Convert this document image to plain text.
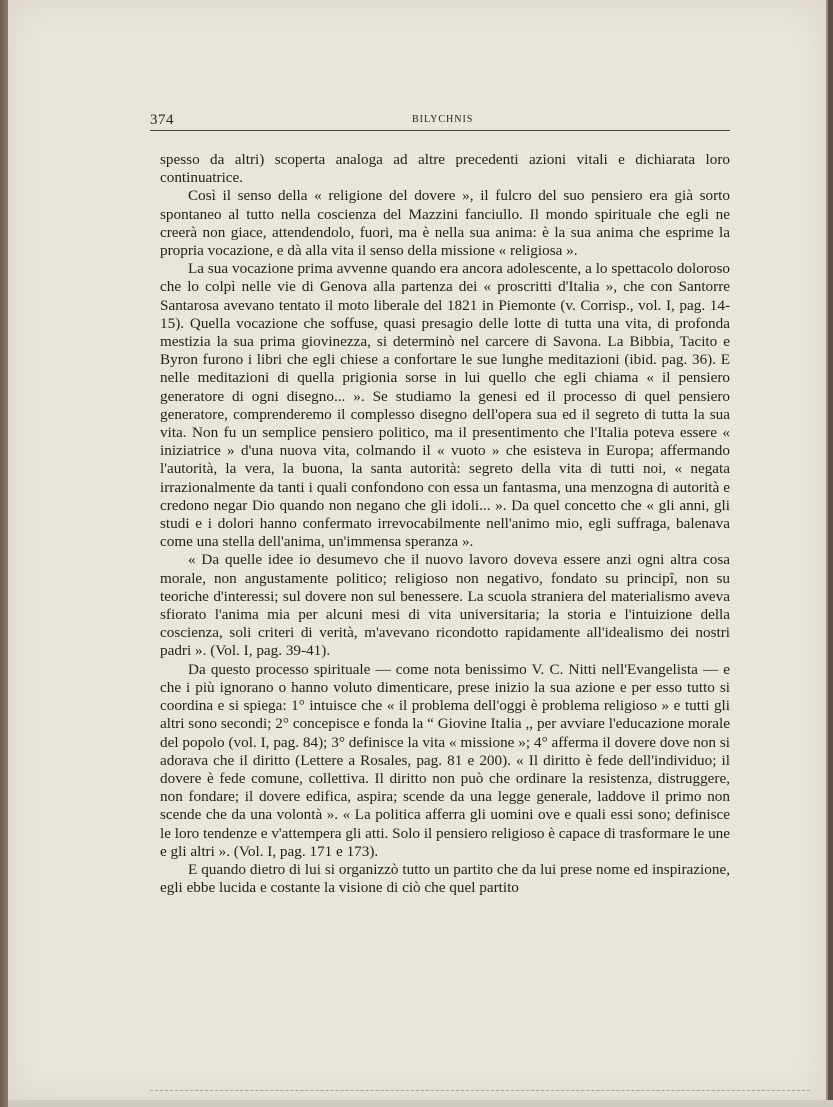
374	BILYCHNIS

spesso da altri) scoperta analoga ad altre precedenti azioni vitali e dichiarata loro continuatrice.

Così il senso della « religione del dovere », il fulcro del suo pensiero era già sorto spontaneo al tutto nella coscienza del Mazzini fanciullo. Il mondo spirituale che egli ne creerà non giace, attendendolo, fuori, ma è nella sua anima: è la sua anima che esprime la propria vocazione, e dà alla vita il senso della missione « religiosa ».

La sua vocazione prima avvenne quando era ancora adolescente, a lo spettacolo doloroso che lo colpì nelle vie di Genova alla partenza dei « proscritti d'Italia », che con Santorre Santarosa avevano tentato il moto liberale del 1821 in Piemonte (v. Corrisp., vol. I, pag. 14-15). Quella vocazione che soffuse, quasi presagio delle lotte di tutta una vita, di profonda mestizia la sua prima giovinezza, si determinò nel carcere di Savona. La Bibbia, Tacito e Byron furono i libri che egli chiese a confortare le sue lunghe meditazioni (ibid. pag. 36). E nelle meditazioni di quella prigionia sorse in lui quello che egli chiama « il pensiero generatore di ogni disegno... ». Se studiamo la genesi ed il processo di quel pensiero generatore, comprenderemo il complesso disegno dell'opera sua ed il segreto di tutta la sua vita. Non fu un semplice pensiero politico, ma il presentimento che l'Italia poteva essere « iniziatrice » d'una nuova vita, colmando il « vuoto » che esisteva in Europa; affermando l'autorità, la vera, la buona, la santa autorità: segreto della vita di tutti noi, « negata irrazionalmente da tanti i quali confondono con essa un fantasma, una menzogna di autorità e credono negar Dio quando non negano che gli idoli... ». Da quel concetto che « gli anni, gli studi e i dolori hanno confermato irrevocabilmente nell'animo mio, egli suffraga, balenava come una stella dell'anima, un'immensa speranza ».

« Da quelle idee io desumevo che il nuovo lavoro doveva essere anzi ogni altra cosa morale, non angustamente politico; religioso non negativo, fondato su principî, non su teoriche d'interessi; sul dovere non sul benessere. La scuola straniera del materialismo aveva sfiorato l'anima mia per alcuni mesi di vita universitaria; la storia e l'intuizione della coscienza, soli criteri di verità, m'avevano ricondotto rapidamente all'idealismo dei nostri padri ». (Vol. I, pag. 39-41).

Da questo processo spirituale — come nota benissimo V. C. Nitti nell'Evangelista — e che i più ignorano o hanno voluto dimenticare, prese inizio la sua azione e per esso tutto si coordina e si spiega: 1° intuisce che « il problema dell'oggi è problema religioso » e tutti gli altri sono secondi; 2° concepisce e fonda la “ Giovine Italia ,, per avviare l'educazione morale del popolo (vol. I, pag. 84); 3° definisce la vita « missione »; 4° afferma il dovere dove non si adorava che il diritto (Lettere a Rosales, pag. 81 e 200). « Il diritto è fede dell'individuo; il dovere è fede comune, collettiva. Il diritto non può che ordinare la resistenza, distruggere, non fondare; il dovere edifica, aspira; scende da una legge generale, laddove il primo non scende che da una volontà ». « La politica afferra gli uomini ove e quali essi sono; definisce le loro tendenze e v'attempera gli atti. Solo il pensiero religioso è capace di trasformare le une e gli altri ». (Vol. I, pag. 171 e 173).

E quando dietro di lui si organizzò tutto un partito che da lui prese nome ed inspirazione, egli ebbe lucida e costante la visione di ciò che quel partito
